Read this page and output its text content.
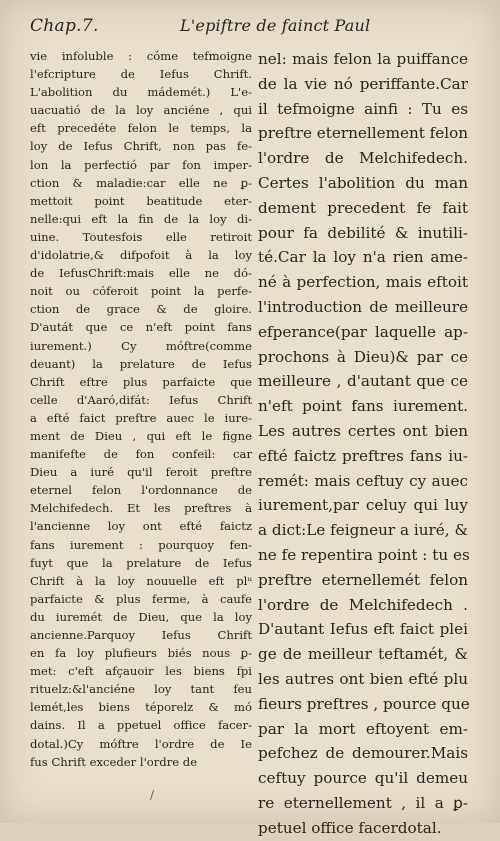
Chap.7.	L'epiftre de fainct Paul
vie infoluble : cóme tefmoigne
l'efcripture de Iefus Chrift.
L'abolition du mádemét.) L'e-
uacuatió de la loy anciéne , qui
eft precedéte felon le temps, la
loy de Iefus Chrift, non pas fe-
lon la perfectió par fon imper-
ction & maladie:car elle ne ꝑ-
mettoit point beatitude eter-
nelle:qui eft la fin de la loy di-
uine. Toutesfois elle retiroit
d'idolatrie,& difpofoit à la loy
de IefusChrift:mais elle ne dó-
noit ou cóferoit point la perfe-
ction de grace & de gloire.
D'autát que ce n'eft point fans
iurement.) Cy móftre(comme
deuant) la prelature de Iefus
Chrift eftre plus parfaicte que
celle d'Aaró,difát: Iefus Chrift
a efté faict preftre auec le iure-
ment de Dieu , qui eft le figne
manifefte de fon confeil: car
Dieu a iuré qu'il feroit preftre
eternel felon l'ordonnance de
Melchifedech. Et les preftres à
l'ancienne loy ont efté faictz
fans iurement : pourquoy fen-
fuyt que la prelature de Iefus
Chrift à la loy nouuelle eft plᵘ
parfaicte & plus ferme, à caufe
du iuremét de Dieu, que la loy
ancienne.Parquoy Iefus Chrift
en fa loy plufieurs biés nous ꝑ-
met: c'eft afçauoir les biens fpi
rituelz:&l'anciéne loy tant feu
lemét,les biens téporelz & mó
dains. Il a ppetuel office facer-
dotal.)Cy móftre l'ordre de Ie
fus Chrift exceder l'ordre de
nel: mais felon la puiffance
de la vie nó periffante.Car
il tefmoigne ainfi : Tu es
preftre eternellement felon
l'ordre de Melchifedech.
Certes l'abolition du man
dement precedent fe fait
pour fa debilité & inutili-
té.Car la loy n'a rien ame-
né à perfection, mais eftoit
l'introduction de meilleure
efperance(par laquelle ap-
prochons à Dieu)& par ce
meilleure , d'autant que ce
n'eft point fans iurement.
Les autres certes ont bien
efté faictz preftres fans iu-
remét: mais ceftuy cy auec
iurement,par celuy qui luy
a dict:Le feigneur a iuré, &
ne fe repentira point : tu es
preftre eternellemét felon
l'ordre de Melchifedech .
D'autant Iefus eft faict plei
ge de meilleur teftamét, &
les autres ont bien efté plu
fieurs preftres , pource que
par la mort eftoyent em-
pefchez de demourer.Mais
ceftuy pource qu'il demeu
re eternellement , il a ꝑ-
petuel office facerdotal.
/
